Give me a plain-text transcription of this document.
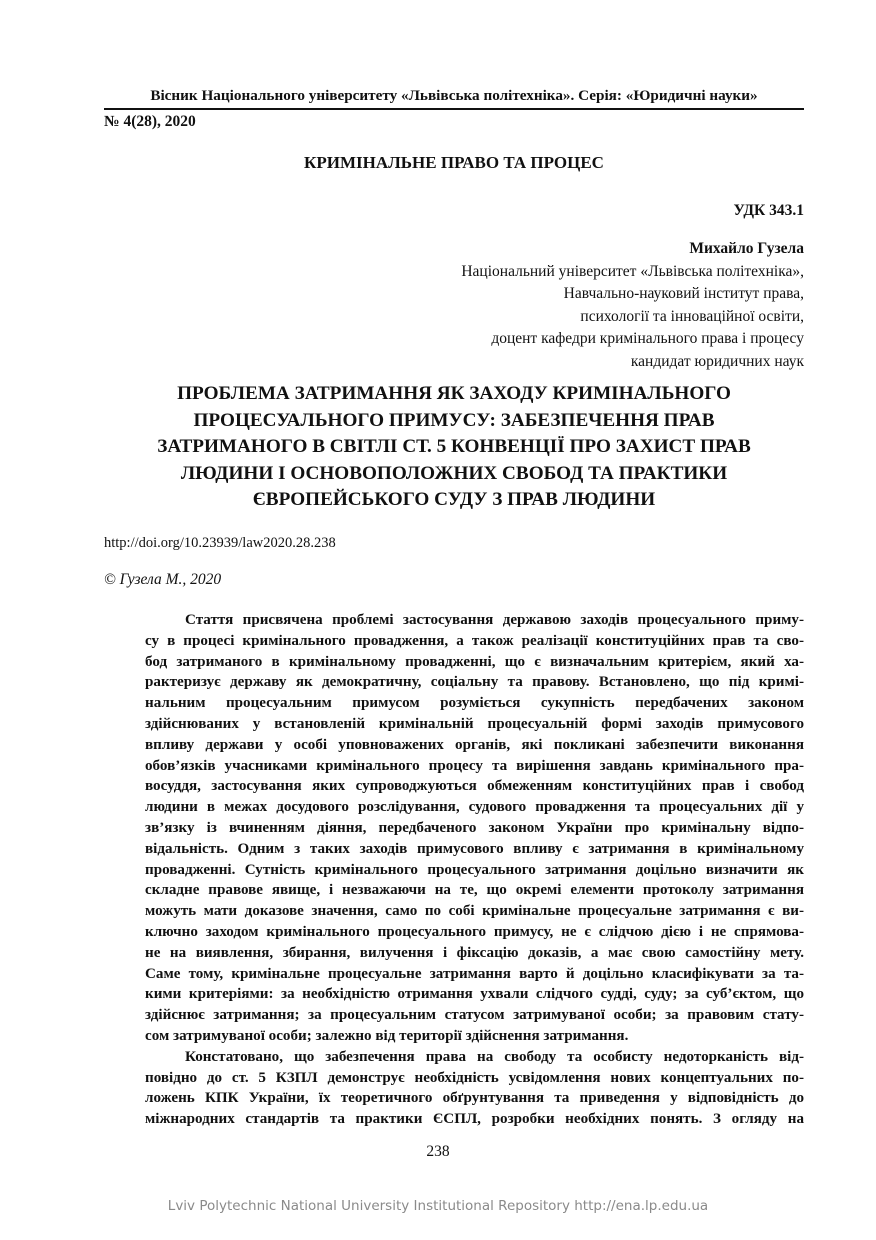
Вісник Національного університету «Львівська політехніка». Серія: «Юридичні науки»
№ 4(28), 2020
КРИМІНАЛЬНЕ ПРАВО ТА ПРОЦЕС
УДК 343.1
Михайло Гузела
Національний університет «Львівська політехніка»,
Навчально-науковий інститут права,
психології та інноваційної освіти,
доцент кафедри кримінального права і процесу
кандидат юридичних наук
ПРОБЛЕМА ЗАТРИМАННЯ ЯК ЗАХОДУ КРИМІНАЛЬНОГО
ПРОЦЕСУАЛЬНОГО ПРИМУСУ: ЗАБЕЗПЕЧЕННЯ ПРАВ
ЗАТРИМАНОГО В СВІТЛІ СТ. 5 КОНВЕНЦІЇ ПРО ЗАХИСТ ПРАВ
ЛЮДИНИ І ОСНОВОПОЛОЖНИХ СВОБОД ТА ПРАКТИКИ
ЄВРОПЕЙСЬКОГО СУДУ З ПРАВ ЛЮДИНИ
http://doi.org/10.23939/law2020.28.238
© Гузела М., 2020
Стаття присвячена проблемі застосування державою заходів процесуального приму-
су в процесі кримінального провадження, а також реалізації конституційних прав та сво-
бод затриманого в кримінальному провадженні, що є визначальним критерієм, який ха-
рактеризує державу як демократичну, соціальну та правову. Встановлено, що під кримі-
нальним процесуальним примусом розуміється сукупність передбачених законом
здійснюваних у встановленій кримінальній процесуальній формі заходів примусового
впливу держави у особі уповноважених органів, які покликані забезпечити виконання
обов’язків учасниками кримінального процесу та вирішення завдань кримінального пра-
восуддя, застосування яких супроводжуються обмеженням конституційних прав і свобод
людини в межах досудового розслідування, судового провадження та процесуальних дії у
зв’язку із вчиненням діяння, передбаченого законом України про кримінальну відпо-
відальність. Одним з таких заходів примусового впливу є затримання в кримінальному
провадженні. Сутність кримінального процесуального затримання доцільно визначити як
складне правове явище, і незважаючи на те, що окремі елементи протоколу затримання
можуть мати доказове значення, само по собі кримінальне процесуальне затримання є ви-
ключно заходом кримінального процесуального примусу, не є слідчою дією і не спрямова-
не на виявлення, збирання, вилучення і фіксацію доказів, а має свою самостійну мету.
Саме тому, кримінальне процесуальне затримання варто й доцільно класифікувати за та-
кими критеріями: за необхідністю отримання ухвали слідчого судді, суду; за суб’єктом, що
здійснює затримання; за процесуальним статусом затримуваної особи; за правовим стату-
сом затримуваної особи; залежно від території здійснення затримання.
Констатовано, що забезпечення права на свободу та особисту недоторканість від-
повідно до ст. 5 КЗПЛ демонструє необхідність усвідомлення нових концептуальних по-
ложень КПК України, їх теоретичного обґрунтування та приведення у відповідність до
міжнародних стандартів та практики ЄСПЛ, розробки необхідних понять. З огляду на
238
Lviv Polytechnic National University Institutional Repository http://ena.lp.edu.ua
